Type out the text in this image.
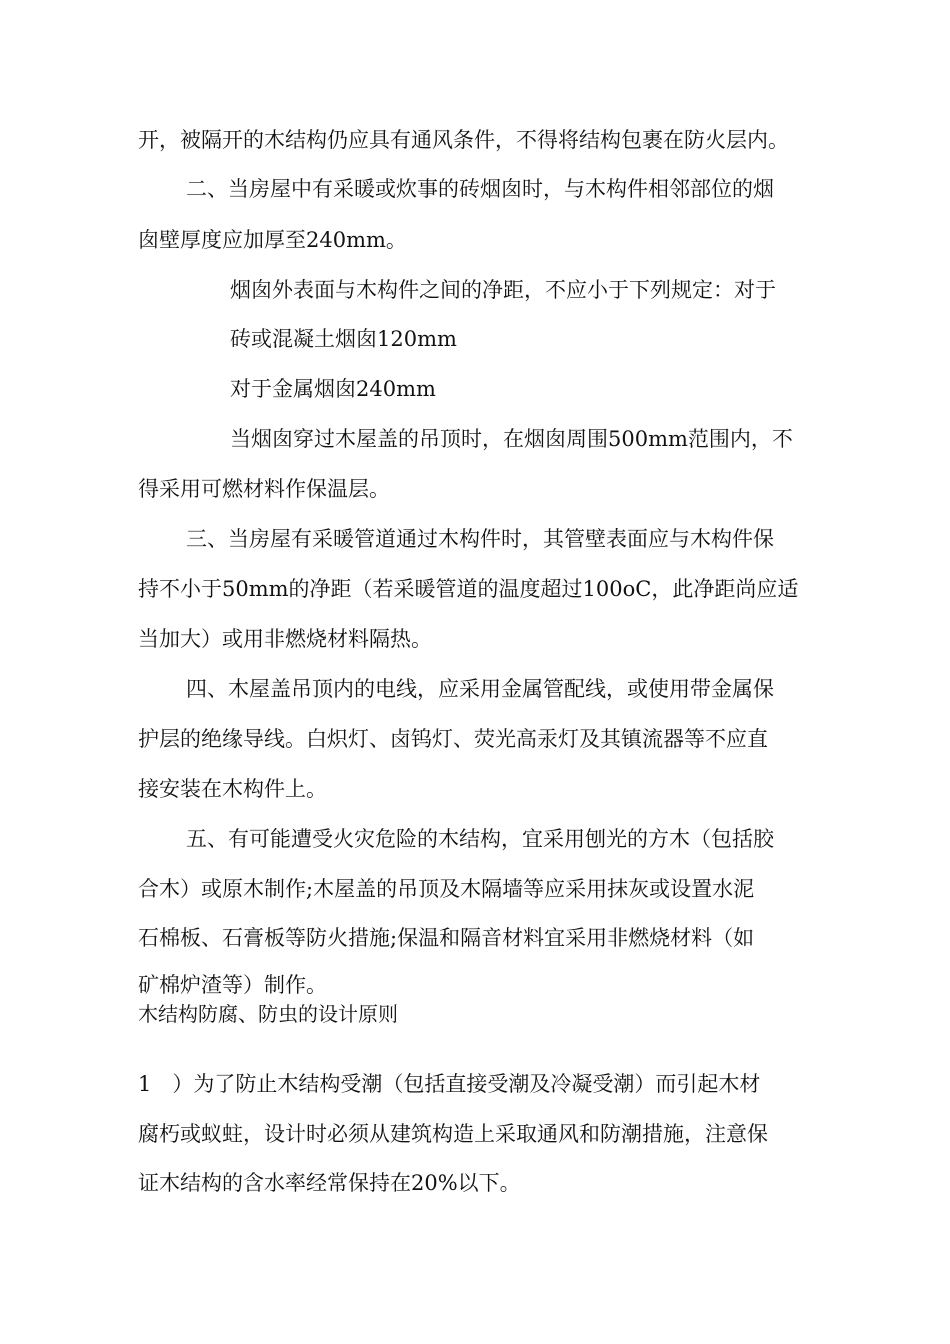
开，被隔开的木结构仍应具有通风条件，不得将结构包裹在防火层内。
二、当房屋中有采暖或炊事的砖烟囱时，与木构件相邻部位的烟
囱壁厚度应加厚至240mm。
烟囱外表面与木构件之间的净距，不应小于下列规定：对于
砖或混凝土烟囱120mm
对于金属烟囱240mm
当烟囱穿过木屋盖的吊顶时，在烟囱周围500mm范围内，不
得采用可燃材料作保温层。
三、当房屋有采暖管道通过木构件时，其管壁表面应与木构件保
持不小于50mm的净距（若采暖管道的温度超过100oC，此净距尚应适
当加大）或用非燃烧材料隔热。
四、木屋盖吊顶内的电线，应采用金属管配线，或使用带金属保
护层的绝缘导线。白炽灯、卤钨灯、荧光高汞灯及其镇流器等不应直
接安装在木构件上。
五、有可能遭受火灾危险的木结构，宜采用刨光的方木（包括胶
合木）或原木制作;木屋盖的吊顶及木隔墙等应采用抹灰或设置水泥
石棉板、石膏板等防火措施;保温和隔音材料宜采用非燃烧材料（如
矿棉炉渣等）制作。
木结构防腐、防虫的设计原则
1　）为了防止木结构受潮（包括直接受潮及冷凝受潮）而引起木材
腐朽或蚁蛀，设计时必须从建筑构造上采取通风和防潮措施，注意保
证木结构的含水率经常保持在20%以下。
